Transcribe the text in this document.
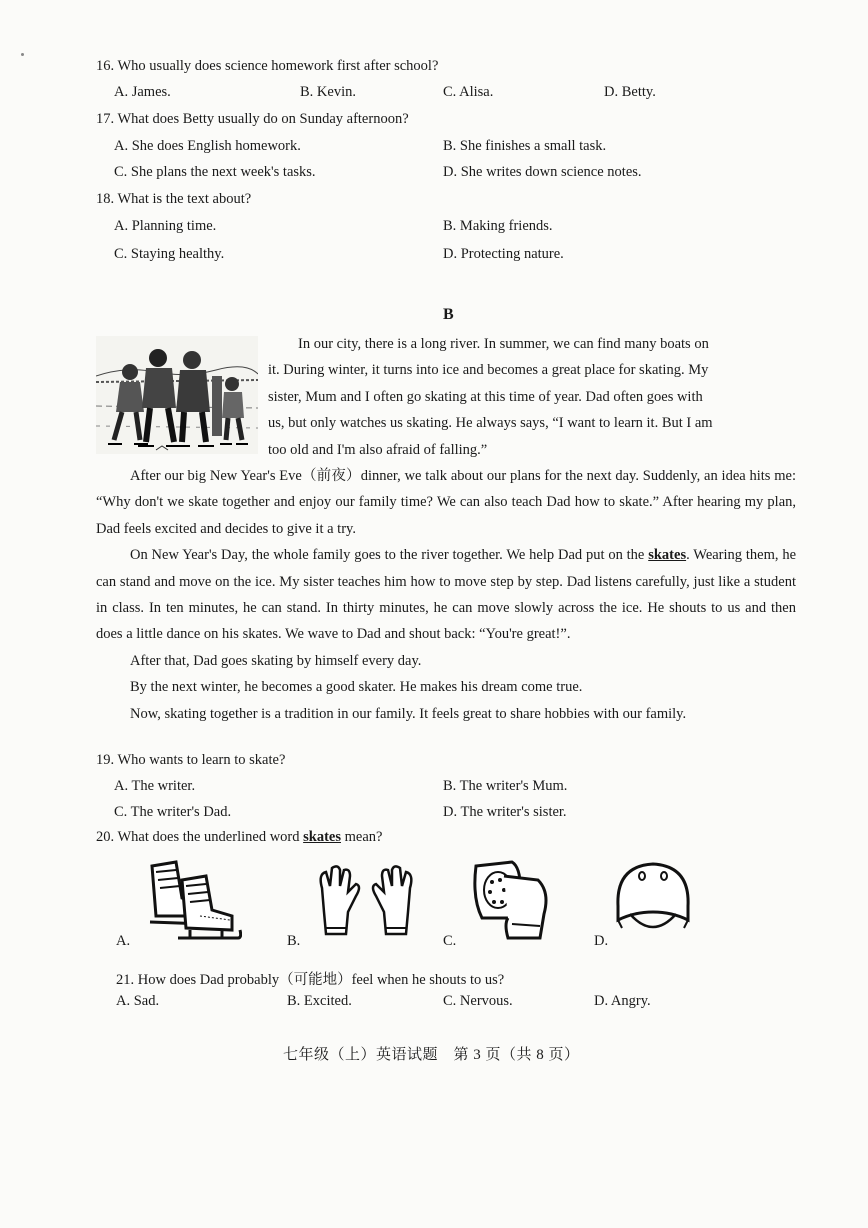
16. Who usually does science homework first after school?
A. James.	B. Kevin.	C. Alisa.	D. Betty.
17. What does Betty usually do on Sunday afternoon?
A. She does English homework.	B. She finishes a small task.
C. She plans the next week's tasks.	D. She writes down science notes.
18. What is the text about?
A. Planning time.	B. Making friends.
C. Staying healthy.	D. Protecting nature.
B
In our city, there is a long river. In summer, we can find many boats on
it. During winter, it turns into ice and becomes a great place for skating. My
sister, Mum and I often go skating at this time of year. Dad often goes with
us, but only watches us skating. He always says, “I want to learn it. But I am
too old and I'm also afraid of falling.”

After our big New Year's Eve（前夜）dinner, we talk about our plans for the next day. Suddenly, an idea hits me: “Why don't we skate together and enjoy our family time? We can also teach Dad how to skate.” After hearing my plan, Dad feels excited and decides to give it a try.

On New Year's Day, the whole family goes to the river together. We help Dad put on the skates. Wearing them, he can stand and move on the ice. My sister teaches him how to move step by step. Dad listens carefully, just like a student in class. In ten minutes, he can stand. In thirty minutes, he can move slowly across the ice. He shouts to us and then does a little dance on his skates. We wave to Dad and shout back: “You're great!”.

After that, Dad goes skating by himself every day.

By the next winter, he becomes a good skater. He makes his dream come true.

Now, skating together is a tradition in our family. It feels great to share hobbies with our family.

19. Who wants to learn to skate?
A. The writer.	B. The writer's Mum.
C. The writer's Dad.	D. The writer's sister.
20. What does the underlined word skates mean?
A.	B.	C.	D.
21. How does Dad probably（可能地）feel when he shouts to us?
A. Sad.	B. Excited.	C. Nervous.	D. Angry.
七年级（上）英语试题　第 3 页（共 8 页）
